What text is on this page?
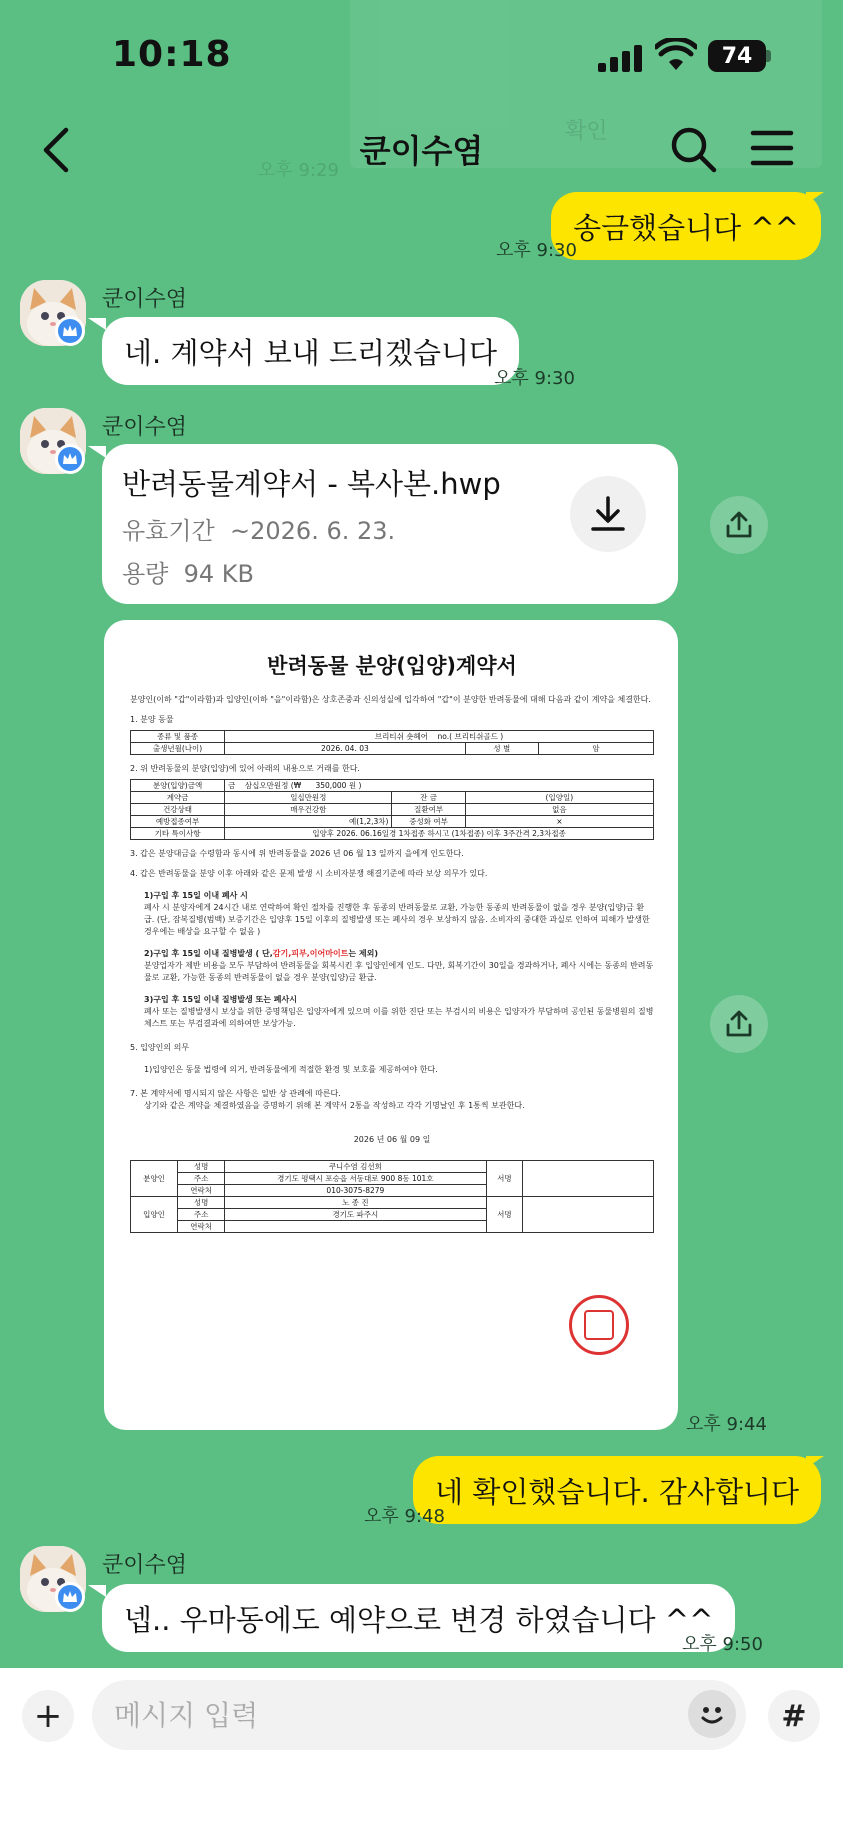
확인
오후 9:29
10:18	74
쿤이수염
송금했습니다 ^^
오후 9:30
쿤이수염
네. 계약서 보내 드리겠습니다
오후 9:30
쿤이수염
반려동물계약서 - 복사본.hwp
유효기간 ~2026. 6. 23.
용량 94 KB
반려동물 분양(입양)계약서
분양인(이하 "갑"이라함)과 입양인(이하 "을"이라함)은 상호존중과 신의성실에 입각하여 "갑"이 분양한 반려동물에 대해 다음과 같이 계약을 체결한다.
1. 분양 동물
종류 및 품종	브리티쉬 숏헤어 no.( 브리티쉬골드 )		
출생년월(나이)	2026. 04. 03	성 별	암
2. 위 반려동물의 분양(입양)에 있어 아래의 내용으로 거래를 한다.
분양(입양)금액	금 삼십오만원정 (₩ 350,000 원 )		
계약금	일십만원정	잔 금	(입양일)
건강상태	매우건강함	질환여부	없음
예방접종여부	예(1,2,3차)	중성화 여부	×
기타 특이사항	입양후 2026. 06.16일경 1차접종 하시고 (1차접종) 이후 3주간격 2,3차접종		
3. 갑은 분양대금을 수령함과 동시에 위 반려동물을 2026 년 06 월 13 일까지 을에게 인도한다.
4. 갑은 반려동물을 분양 이후 아래와 같은 문제 발생 시 소비자분쟁 해결기준에 따라 보상 의무가 있다.
1)구입 후 15일 이내 폐사 시
폐사 시 분양자에게 24시간 내로 연락하여 확인 절차를 진행한 후 동종의 반려동물로 교환, 가능한 동종의 반려동물이 없을 경우 분양(입양)금 환급. (단, 잠복질병(범백) 보증기간은 입양후 15일 이후의 질병발생 또는 폐사의 경우 보상하지 않음. 소비자의 중대한 과실로 인하여 피해가 발생한 경우에는 배상을 요구할 수 없음 )
2)구입 후 15일 이내 질병발생 ( 단,감기,피부,이어마이트는 제외)
분양업자가 제반 비용을 모두 부담하여 반려동물을 회복시킨 후 입양인에게 인도. 다만, 회복기간이 30일을 경과하거나, 폐사 시에는 동종의 반려동물로 교환, 가능한 동종의 반려동물이 없을 경우 분양(입양)금 환급.
3)구입 후 15일 이내 질병발생 또는 폐사시
폐사 또는 질병발생시 보상을 위한 증명책임은 입양자에게 있으며 이를 위한 진단 또는 부검시의 비용은 입양자가 부담하며 공인된 동물병원의 질병체스트 또는 부검결과에 의하여만 보상가능.
5. 입양인의 의무
1)입양인은 동물 법령에 의거, 반려동물에게 적절한 환경 및 보호를 제공하여야 한다.
7. 본 계약서에 명시되지 않은 사항은 일반 상 관례에 따른다.
상기와 같은 계약을 체결하였음을 증명하기 위해 본 계약서 2통을 작성하고 각각 기명날인 후 1통씩 보관한다.
2026 년 06 월 09 일
분양인	성명	쿠니수염 김선희	서명	
	주소	경기도 평택시 포승읍 서동대로 900 8동 101호		
	연락처	010-3075-8279		
입양인	성명	노 종 진	서명	
	주소	경기도 파주시		
	연락처			
오후 9:44
네 확인했습니다. 감사합니다
오후 9:48
쿤이수염
넵.. 우마동에도 예약으로 변경 하였습니다 ^^
오후 9:50
+
메시지 입력	#
